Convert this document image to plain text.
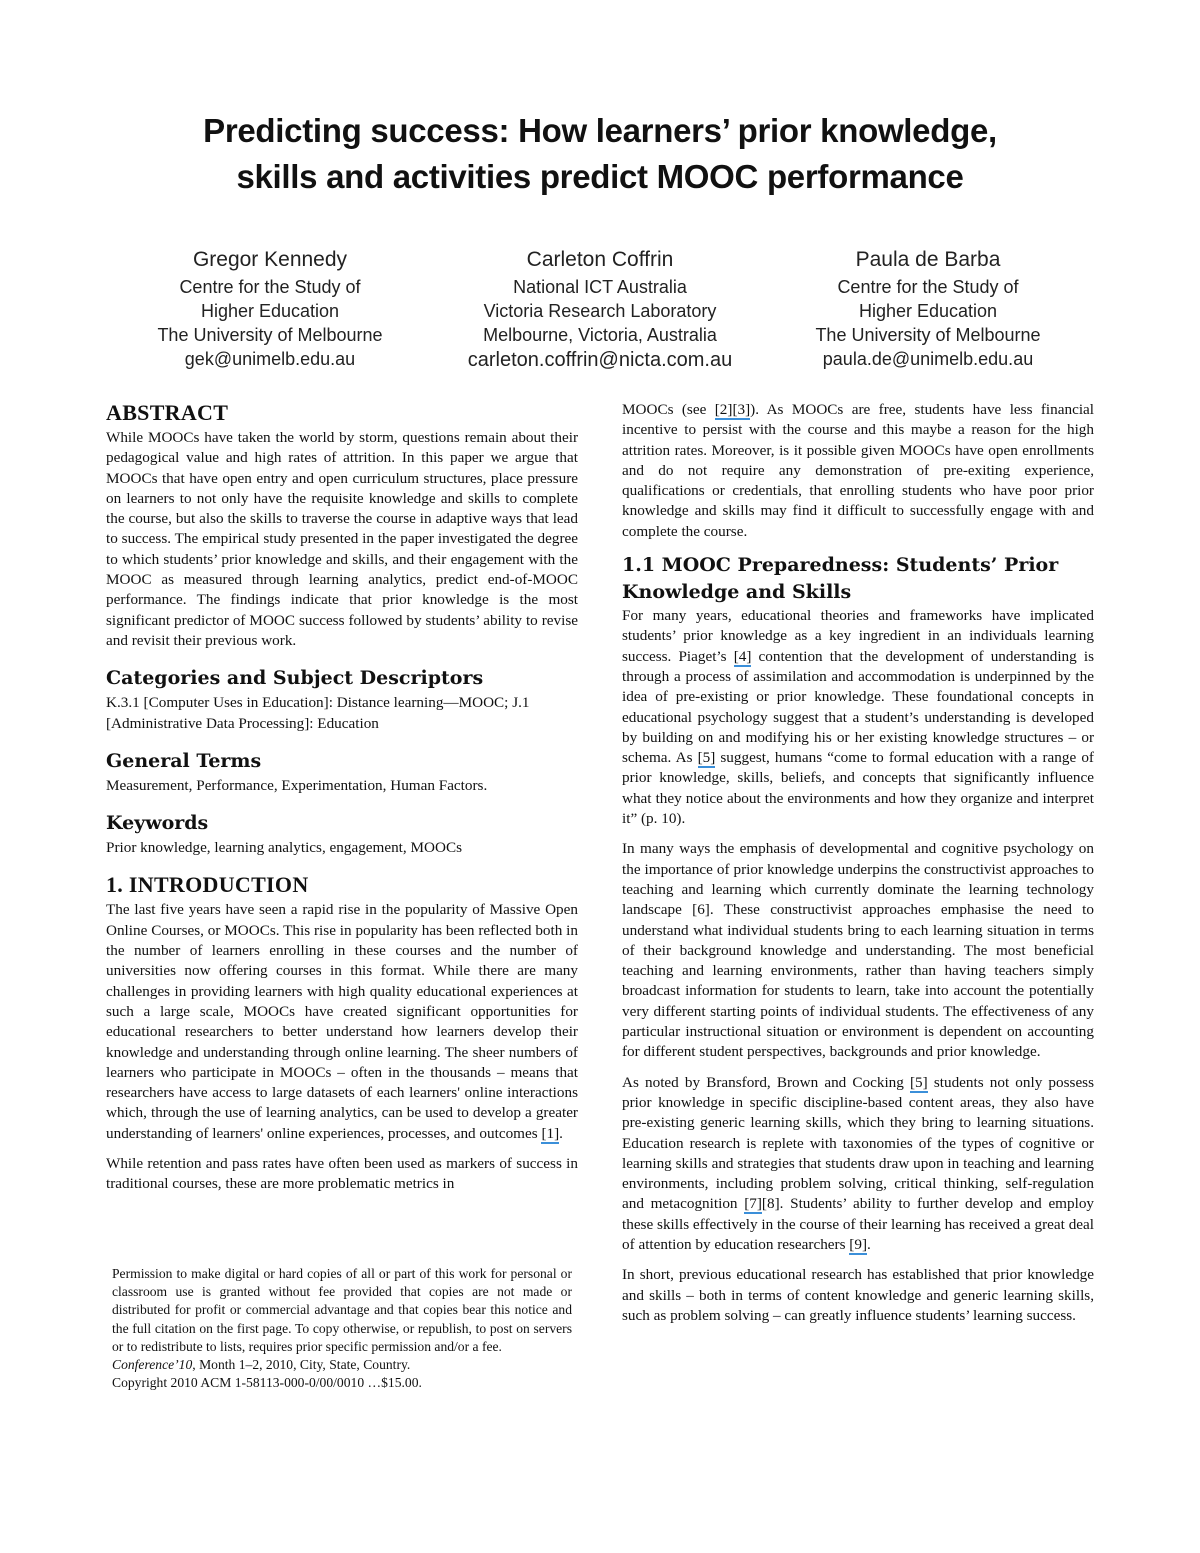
Predicting success: How learners’ prior knowledge,
skills and activities predict MOOC performance
Gregor Kennedy
Centre for the Study of
Higher Education
The University of Melbourne
gek@unimelb.edu.au
Carleton Coffrin
National ICT Australia
Victoria Research Laboratory
Melbourne, Victoria, Australia
carleton.coffrin@nicta.com.au
Paula de Barba
Centre for the Study of
Higher Education
The University of Melbourne
paula.de@unimelb.edu.au
ABSTRACT

While MOOCs have taken the world by storm, questions remain about their pedagogical value and high rates of attrition. In this paper we argue that MOOCs that have open entry and open curriculum structures, place pressure on learners to not only have the requisite knowledge and skills to complete the course, but also the skills to traverse the course in adaptive ways that lead to success. The empirical study presented in the paper investigated the degree to which students’ prior knowledge and skills, and their engagement with the MOOC as measured through learning analytics, predict end-of-MOOC performance. The findings indicate that prior knowledge is the most significant predictor of MOOC success followed by students’ ability to revise and revisit their previous work.

Categories and Subject Descriptors

K.3.1 [Computer Uses in Education]: Distance learning—MOOC; J.1 [Administrative Data Processing]: Education

General Terms

Measurement, Performance, Experimentation, Human Factors.

Keywords

Prior knowledge, learning analytics, engagement, MOOCs

1. INTRODUCTION

The last five years have seen a rapid rise in the popularity of Massive Open Online Courses, or MOOCs. This rise in popularity has been reflected both in the number of learners enrolling in these courses and the number of universities now offering courses in this format. While there are many challenges in providing learners with high quality educational experiences at such a large scale, MOOCs have created significant opportunities for educational researchers to better understand how learners develop their knowledge and understanding through online learning. The sheer numbers of learners who participate in MOOCs – often in the thousands – means that researchers have access to large datasets of each learners' online interactions which, through the use of learning analytics, can be used to develop a greater understanding of learners' online experiences, processes, and outcomes [1].

While retention and pass rates have often been used as markers of success in traditional courses, these are more problematic metrics in

Permission to make digital or hard copies of all or part of this work for personal or classroom use is granted without fee provided that copies are not made or distributed for profit or commercial advantage and that copies bear this notice and the full citation on the first page. To copy otherwise, or republish, to post on servers or to redistribute to lists, requires prior specific permission and/or a fee.
Conference’10, Month 1–2, 2010, City, State, Country.
Copyright 2010 ACM 1-58113-000-0/00/0010 …$15.00.

MOOCs (see [2][3]). As MOOCs are free, students have less financial incentive to persist with the course and this maybe a reason for the high attrition rates. Moreover, is it possible given MOOCs have open enrollments and do not require any demonstration of pre-exiting experience, qualifications or credentials, that enrolling students who have poor prior knowledge and skills may find it difficult to successfully engage with and complete the course.

1.1 MOOC Preparedness: Students’ Prior Knowledge and Skills

For many years, educational theories and frameworks have implicated students’ prior knowledge as a key ingredient in an individuals learning success. Piaget’s [4] contention that the development of understanding is through a process of assimilation and accommodation is underpinned by the idea of pre-existing or prior knowledge. These foundational concepts in educational psychology suggest that a student’s understanding is developed by building on and modifying his or her existing knowledge structures – or schema. As [5] suggest, humans “come to formal education with a range of prior knowledge, skills, beliefs, and concepts that significantly influence what they notice about the environments and how they organize and interpret it” (p. 10).

In many ways the emphasis of developmental and cognitive psychology on the importance of prior knowledge underpins the constructivist approaches to teaching and learning which currently dominate the learning technology landscape [6]. These constructivist approaches emphasise the need to understand what individual students bring to each learning situation in terms of their background knowledge and understanding. The most beneficial teaching and learning environments, rather than having teachers simply broadcast information for students to learn, take into account the potentially very different starting points of individual students. The effectiveness of any particular instructional situation or environment is dependent on accounting for different student perspectives, backgrounds and prior knowledge.

As noted by Bransford, Brown and Cocking [5] students not only possess prior knowledge in specific discipline-based content areas, they also have pre-existing generic learning skills, which they bring to learning situations. Education research is replete with taxonomies of the types of cognitive or learning skills and strategies that students draw upon in teaching and learning environments, including problem solving, critical thinking, self-regulation and metacognition [7][8]. Students’ ability to further develop and employ these skills effectively in the course of their learning has received a great deal of attention by education researchers [9].

In short, previous educational research has established that prior knowledge and skills – both in terms of content knowledge and generic learning skills, such as problem solving – can greatly influence students’ learning success.
